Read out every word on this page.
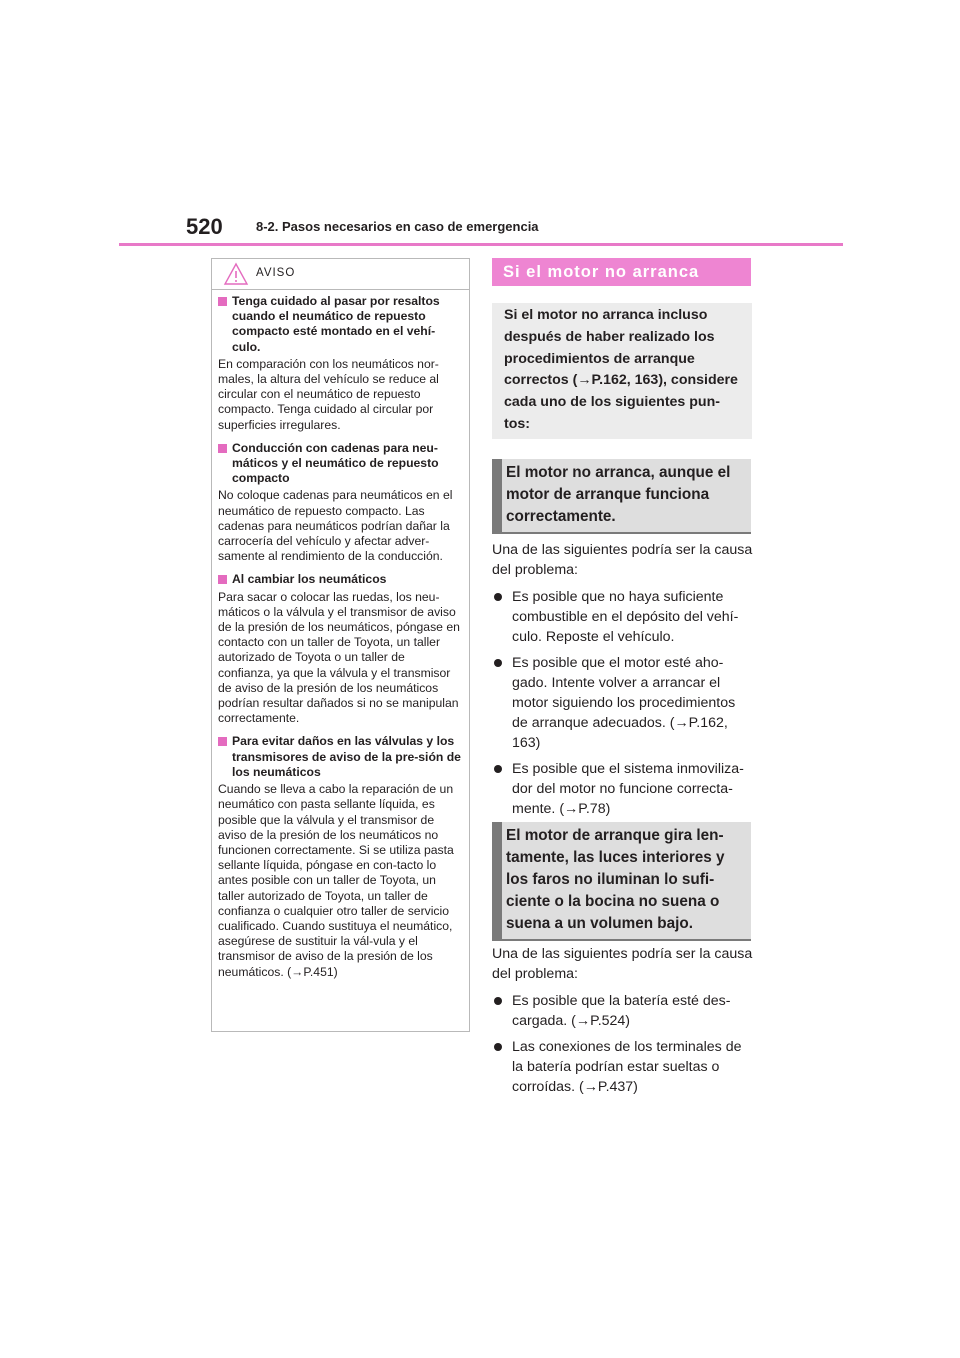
520	8-2. Pasos necesarios en caso de emergencia
AVISO
Tenga cuidado al pasar por resaltos cuando el neumático de repuesto compacto esté montado en el vehí-culo.

En comparación con los neumáticos nor-males, la altura del vehículo se reduce al circular con el neumático de repuesto compacto. Tenga cuidado al circular por superficies irregulares.

Conducción con cadenas para neu-máticos y el neumático de repuesto compacto

No coloque cadenas para neumáticos en el neumático de repuesto compacto. Las cadenas para neumáticos podrían dañar la carrocería del vehículo y afectar adver-samente al rendimiento de la conducción.

Al cambiar los neumáticos

Para sacar o colocar las ruedas, los neu-máticos o la válvula y el transmisor de aviso de la presión de los neumáticos, póngase en contacto con un taller de Toyota, un taller autorizado de Toyota o un taller de confianza, ya que la válvula y el transmisor de aviso de la presión de los neumáticos podrían resultar dañados si no se manipulan correctamente.

Para evitar daños en las válvulas y los transmisores de aviso de la pre-sión de los neumáticos

Cuando se lleva a cabo la reparación de un neumático con pasta sellante líquida, es posible que la válvula y el transmisor de aviso de la presión de los neumáticos no funcionen correctamente. Si se utiliza pasta sellante líquida, póngase en con-tacto lo antes posible con un taller de Toyota, un taller autorizado de Toyota, un taller de confianza o cualquier otro taller de servicio cualificado. Cuando sustituya el neumático, asegúrese de sustituir la vál-vula y el transmisor de aviso de la presión de los neumáticos. (→P.451)

Si el motor no arranca
Si el motor no arranca incluso después de haber realizado los procedimientos de arranque correctos (→P.162, 163), considere cada uno de los siguientes pun-tos:
El motor no arranca, aunque el motor de arranque funciona correctamente.

Una de las siguientes podría ser la causa del problema:

Es posible que no haya suficiente combustible en el depósito del vehí-culo. Reposte el vehículo.
Es posible que el motor esté aho-gado. Intente volver a arrancar el motor siguiendo los procedimientos de arranque adecuados. (→P.162, 163)
Es posible que el sistema inmoviliza-dor del motor no funcione correcta-mente. (→P.78)
El motor de arranque gira len-tamente, las luces interiores y los faros no iluminan lo sufi-ciente o la bocina no suena o suena a un volumen bajo.

Una de las siguientes podría ser la causa del problema:

Es posible que la batería esté des-cargada. (→P.524)
Las conexiones de los terminales de la batería podrían estar sueltas o corroídas. (→P.437)
